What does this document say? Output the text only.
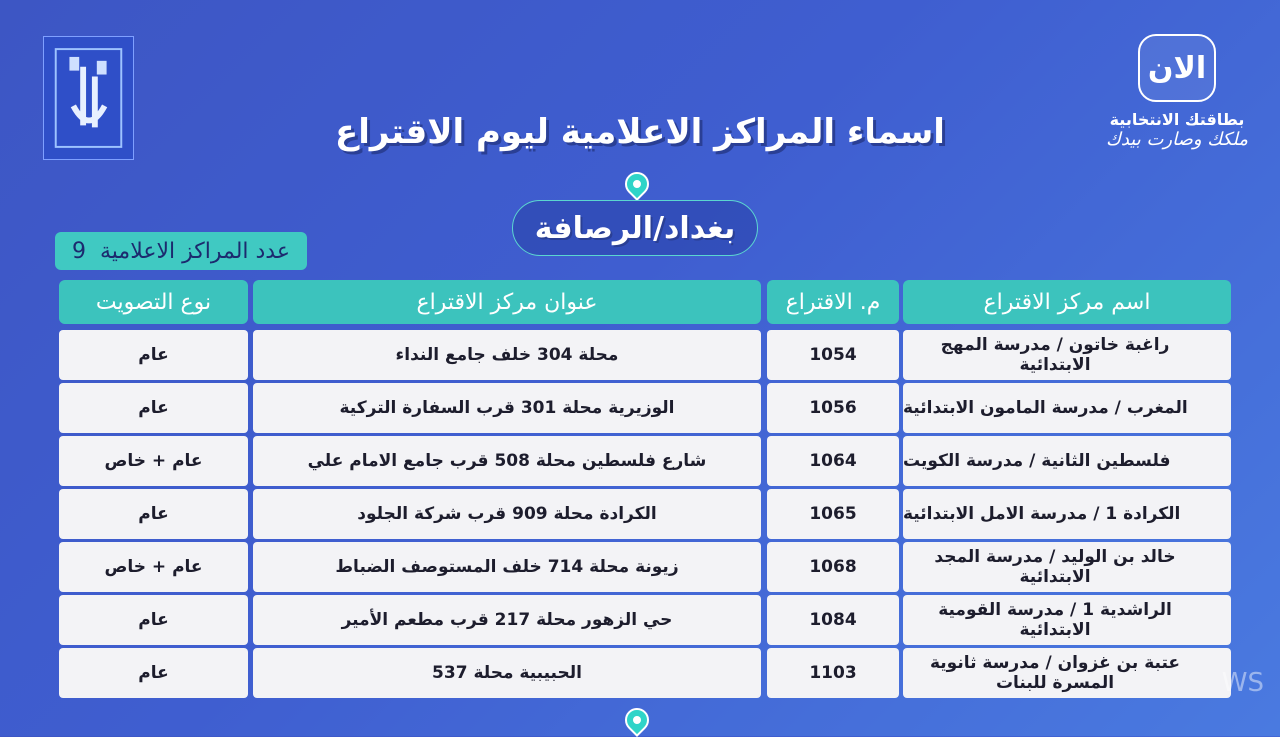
الان
بطاقتك الانتخابية
ملكك وصارت بيدك
اسماء المراكز الاعلامية ليوم الاقتراع
بغداد/الرصافة
عدد المراكز الاعلامية
9
اسم مركز الاقتراع
م. الاقتراع
عنوان مركز الاقتراع
نوع التصويت
راغبة خاتون / مدرسة المهج الابتدائية
1054
محلة 304 خلف جامع النداء
عام
المغرب / مدرسة المامون الابتدائية
1056
الوزيرية محلة 301 قرب السفارة التركية
عام
فلسطين الثانية / مدرسة الكويت
1064
شارع فلسطين محلة 508 قرب جامع الامام علي
عام + خاص
الكرادة 1 / مدرسة الامل الابتدائية
1065
الكرادة محلة 909 قرب شركة الجلود
عام
خالد بن الوليد / مدرسة المجد الابتدائية
1068
زيونة محلة 714 خلف المستوصف الضباط
عام + خاص
الراشدية 1 / مدرسة القومية الابتدائية
1084
حي الزهور محلة 217 قرب مطعم الأمير
عام
عتبة بن غزوان / مدرسة ثانوية المسرة للبنات
1103
الحبيبية محلة 537
عام	WS
